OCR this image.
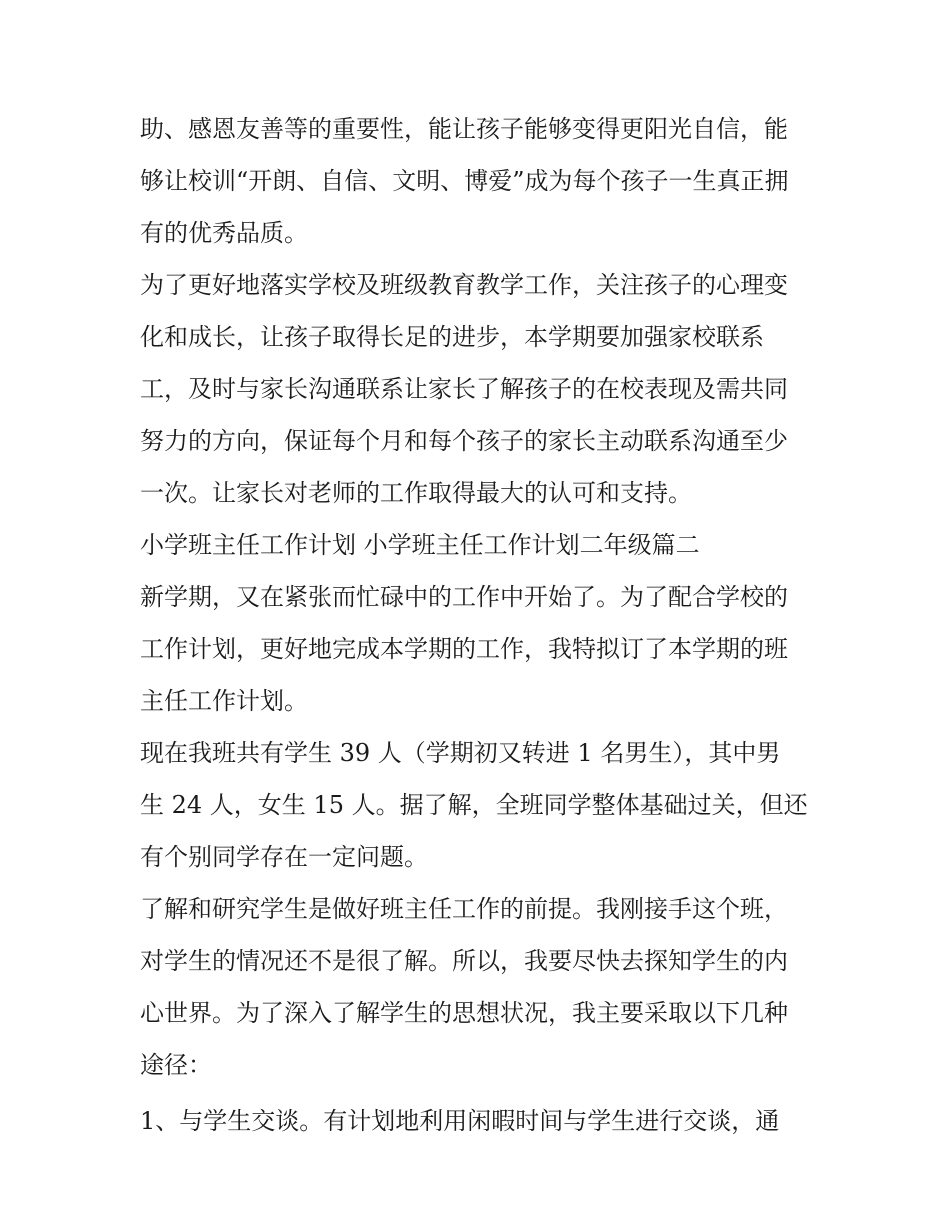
助、感恩友善等的重要性，能让孩子能够变得更阳光自信，能
够让校训“开朗、自信、文明、博爱”成为每个孩子一生真正拥
有的优秀品质。
为了更好地落实学校及班级教育教学工作，关注孩子的心理变
化和成长，让孩子取得长足的进步，本学期要加强家校联系
工，及时与家长沟通联系让家长了解孩子的在校表现及需共同
努力的方向，保证每个月和每个孩子的家长主动联系沟通至少
一次。让家长对老师的工作取得最大的认可和支持。
小学班主任工作计划 小学班主任工作计划二年级篇二
新学期，又在紧张而忙碌中的工作中开始了。为了配合学校的
工作计划，更好地完成本学期的工作，我特拟订了本学期的班
主任工作计划。
现在我班共有学生 39 人（学期初又转进 1 名男生），其中男
生 24 人，女生 15 人。据了解，全班同学整体基础过关，但还
有个别同学存在一定问题。
了解和研究学生是做好班主任工作的前提。我刚接手这个班，
对学生的情况还不是很了解。所以，我要尽快去探知学生的内
心世界。为了深入了解学生的思想状况，我主要采取以下几种
途径：
1、与学生交谈。有计划地利用闲暇时间与学生进行交谈，通
